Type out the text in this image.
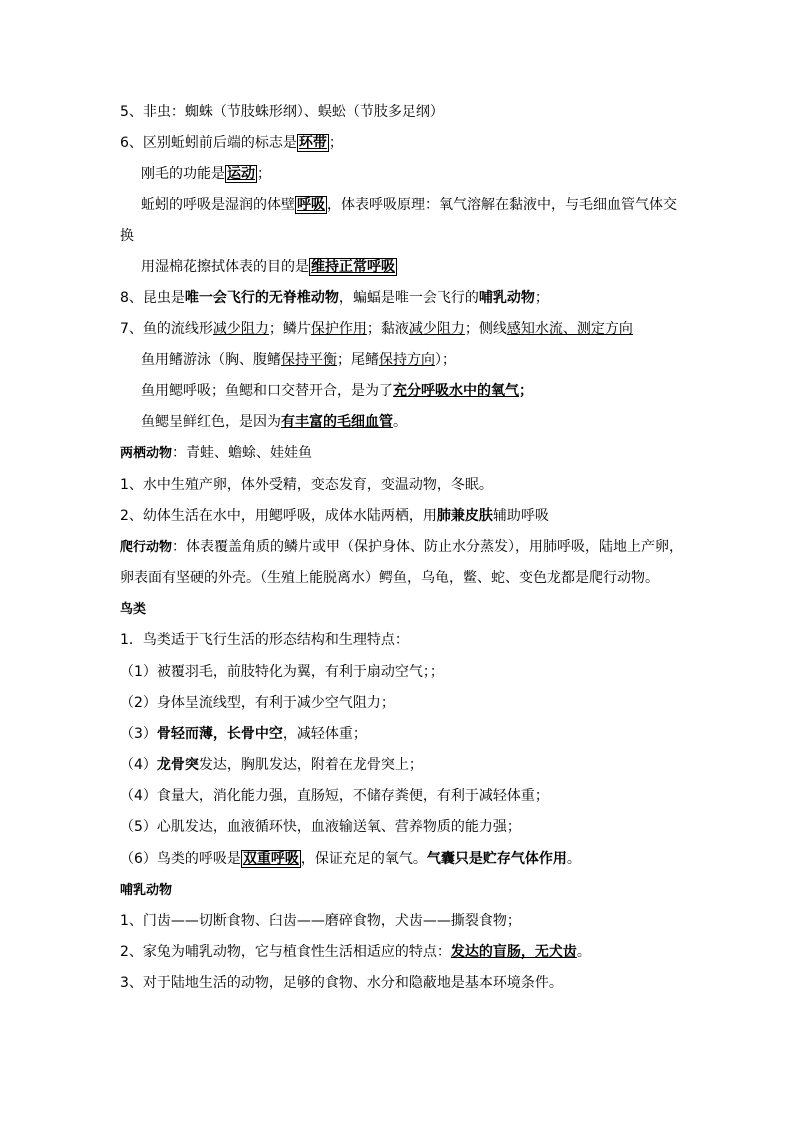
5、非虫：蜘蛛（节肢蛛形纲）、蜈蚣（节肢多足纲）
6、区别蚯蚓前后端的标志是 环带 ；
刚毛的功能是 运动 ；
蚯蚓的呼吸是湿润的体壁 呼吸 ，体表呼吸原理：氧气溶解在黏液中，与毛细血管气体交
换
用湿棉花擦拭体表的目的是 维持正常呼吸
8、昆虫是唯一会飞行的无脊椎动物，蝙蝠是唯一会飞行的哺乳动物；
7、鱼的流线形减少阻力；鳞片保护作用；黏液减少阻力；侧线感知水流、测定方向
鱼用鳍游泳（胸、腹鳍保持平衡；尾鳍保持方向）；
鱼用鳃呼吸；鱼鳃和口交替开合，是为了充分呼吸水中的氧气；
鱼鳃呈鲜红色，是因为有丰富的毛细血管。
两栖动物：青蛙、蟾蜍、娃娃鱼
1、水中生殖产卵，体外受精，变态发育，变温动物，冬眠。
2、幼体生活在水中，用鳃呼吸，成体水陆两栖，用肺兼皮肤辅助呼吸
爬行动物：体表覆盖角质的鳞片或甲（保护身体、防止水分蒸发），用肺呼吸，陆地上产卵，
卵表面有坚硬的外壳。（生殖上能脱离水）鳄鱼，乌龟，鳖、蛇、变色龙都是爬行动物。
鸟类
1．鸟类适于飞行生活的形态结构和生理特点：
（1）被覆羽毛，前肢特化为翼，有利于扇动空气；；
（2）身体呈流线型，有利于减少空气阻力；
（3）骨轻而薄，长骨中空，减轻体重；
（4）龙骨突发达，胸肌发达，附着在龙骨突上；
（4）食量大，消化能力强，直肠短，不储存粪便，有利于减轻体重；
（5）心肌发达，血液循环快，血液输送氧、营养物质的能力强；
（6）鸟类的呼吸是 双重呼吸 ，保证充足的氧气。气囊只是贮存气体作用。
哺乳动物
1、门齿——切断食物、臼齿——磨碎食物，犬齿——撕裂食物；
2、家兔为哺乳动物，它与植食性生活相适应的特点：发达的盲肠，无犬齿。
3、对于陆地生活的动物，足够的食物、水分和隐蔽地是基本环境条件。
